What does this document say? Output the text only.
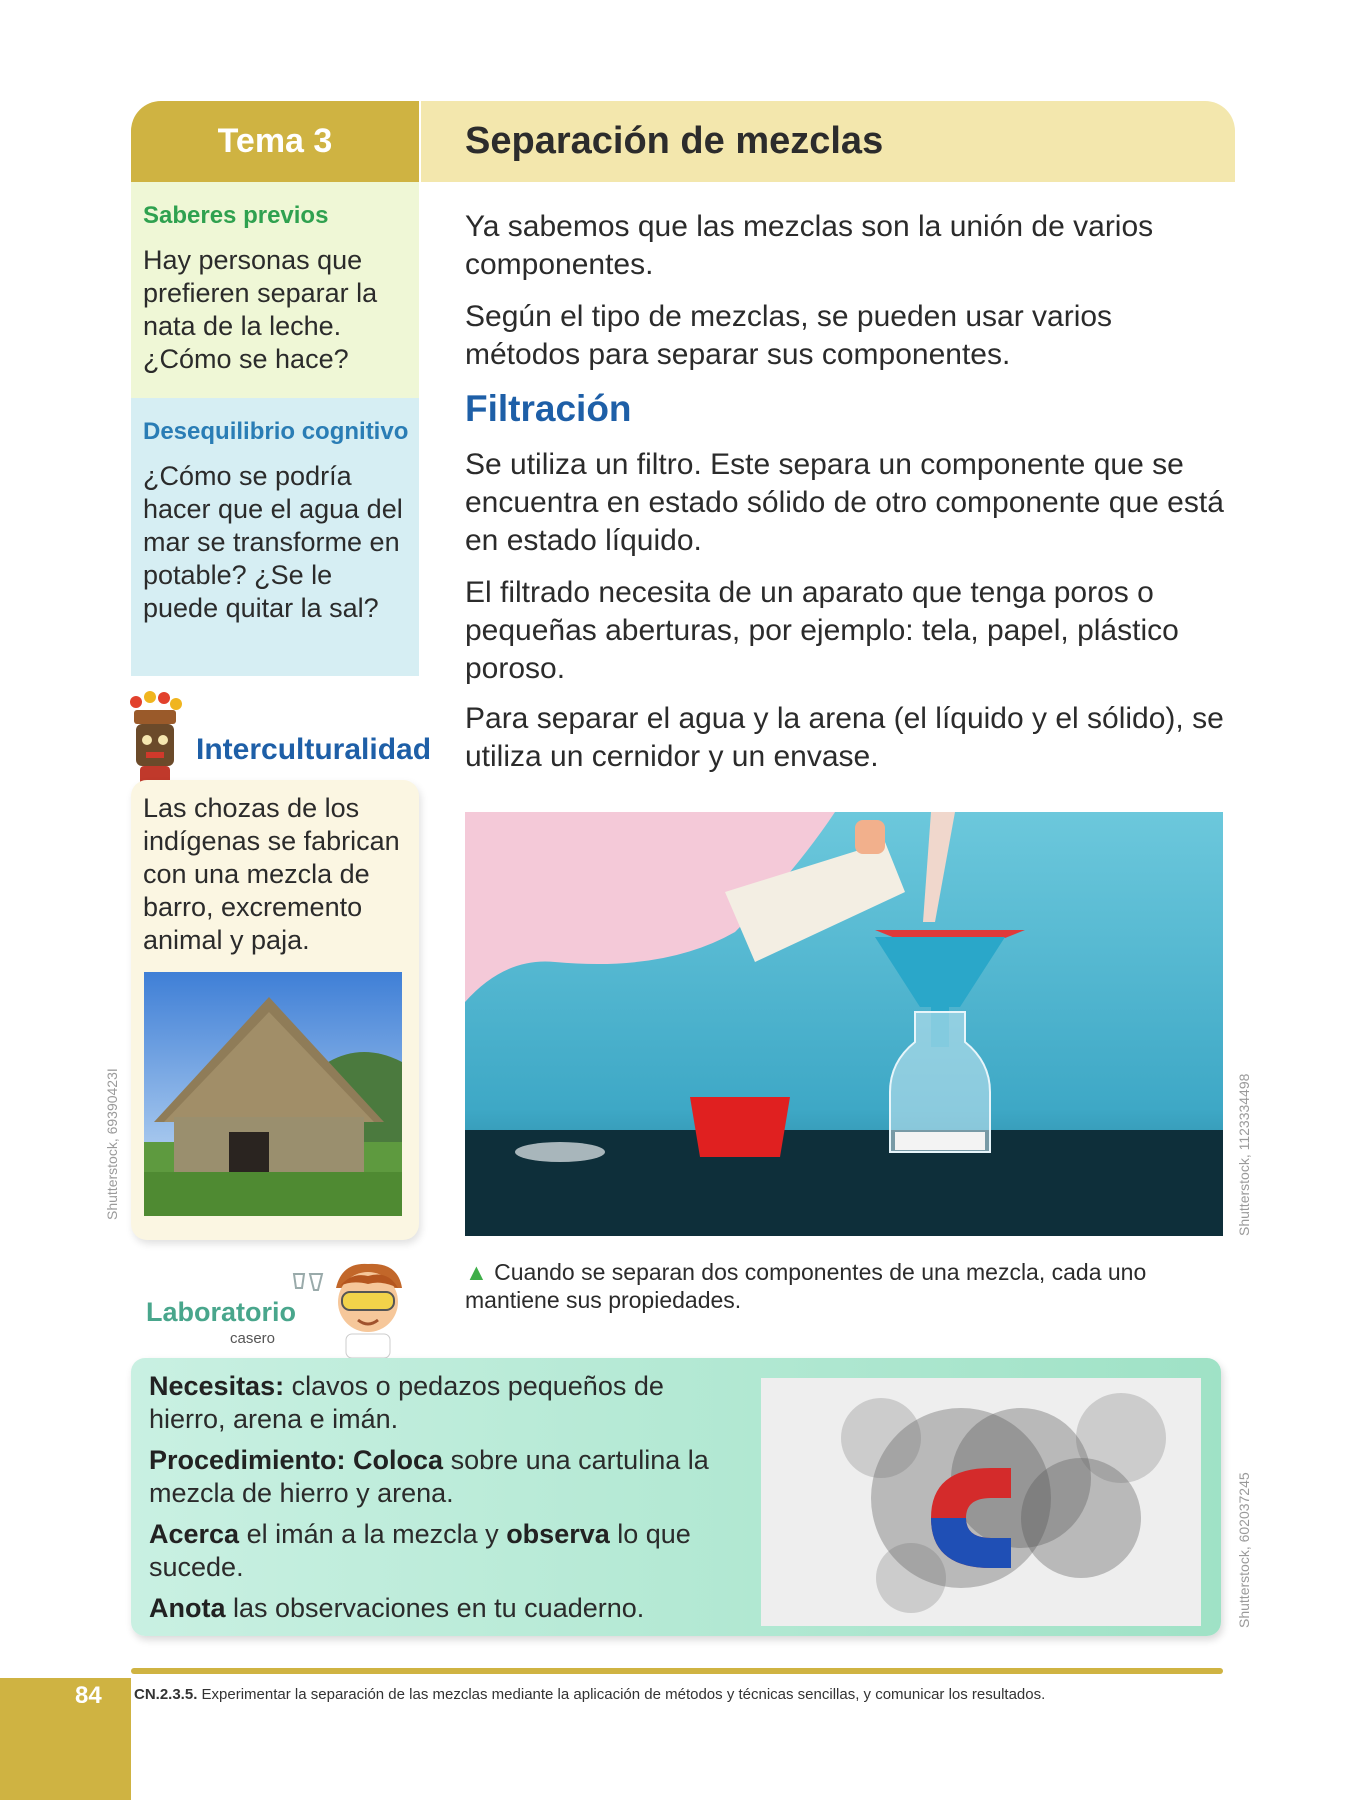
Tema 3	Separación de mezclas
Saberes previos
Hay personas que prefieren separar la nata de la leche. ¿Cómo se hace?
Desequilibrio cognitivo
¿Cómo se podría hacer que el agua del mar se transforme en potable? ¿Se le puede quitar la sal?
Interculturalidad
Las chozas de los indígenas se fabrican con una mezcla de barro, excremento animal y paja.
Shutterstock, 69390423I
Laboratorio
casero
Ya sabemos que las mezclas son la unión de varios componentes.
Según el tipo de mezclas, se pueden usar varios métodos para separar sus componentes.
Filtración
Se utiliza un filtro. Este separa un componente que se encuentra en estado sólido de otro componente que está en estado líquido.
El filtrado necesita de un aparato que tenga poros o pequeñas aberturas, por ejemplo: tela, papel, plástico poroso.
Para separar el agua y la arena (el líquido y el sólido), se utiliza un cernidor y un envase.
Shutterstock, 1123334498
▲ Cuando se separan dos componentes de una mezcla, cada uno mantiene sus propiedades.
Necesitas: clavos o pedazos pequeños de hierro, arena e imán.
Procedimiento: Coloca sobre una cartulina la mezcla de hierro y arena.
Acerca el imán a la mezcla y observa lo que sucede.
Anota las observaciones en tu cuaderno.	Shutterstock, 602037245
CN.2.3.5. Experimentar la separación de las mezclas mediante la aplicación de métodos y técnicas sencillas, y comunicar los resultados.
84
